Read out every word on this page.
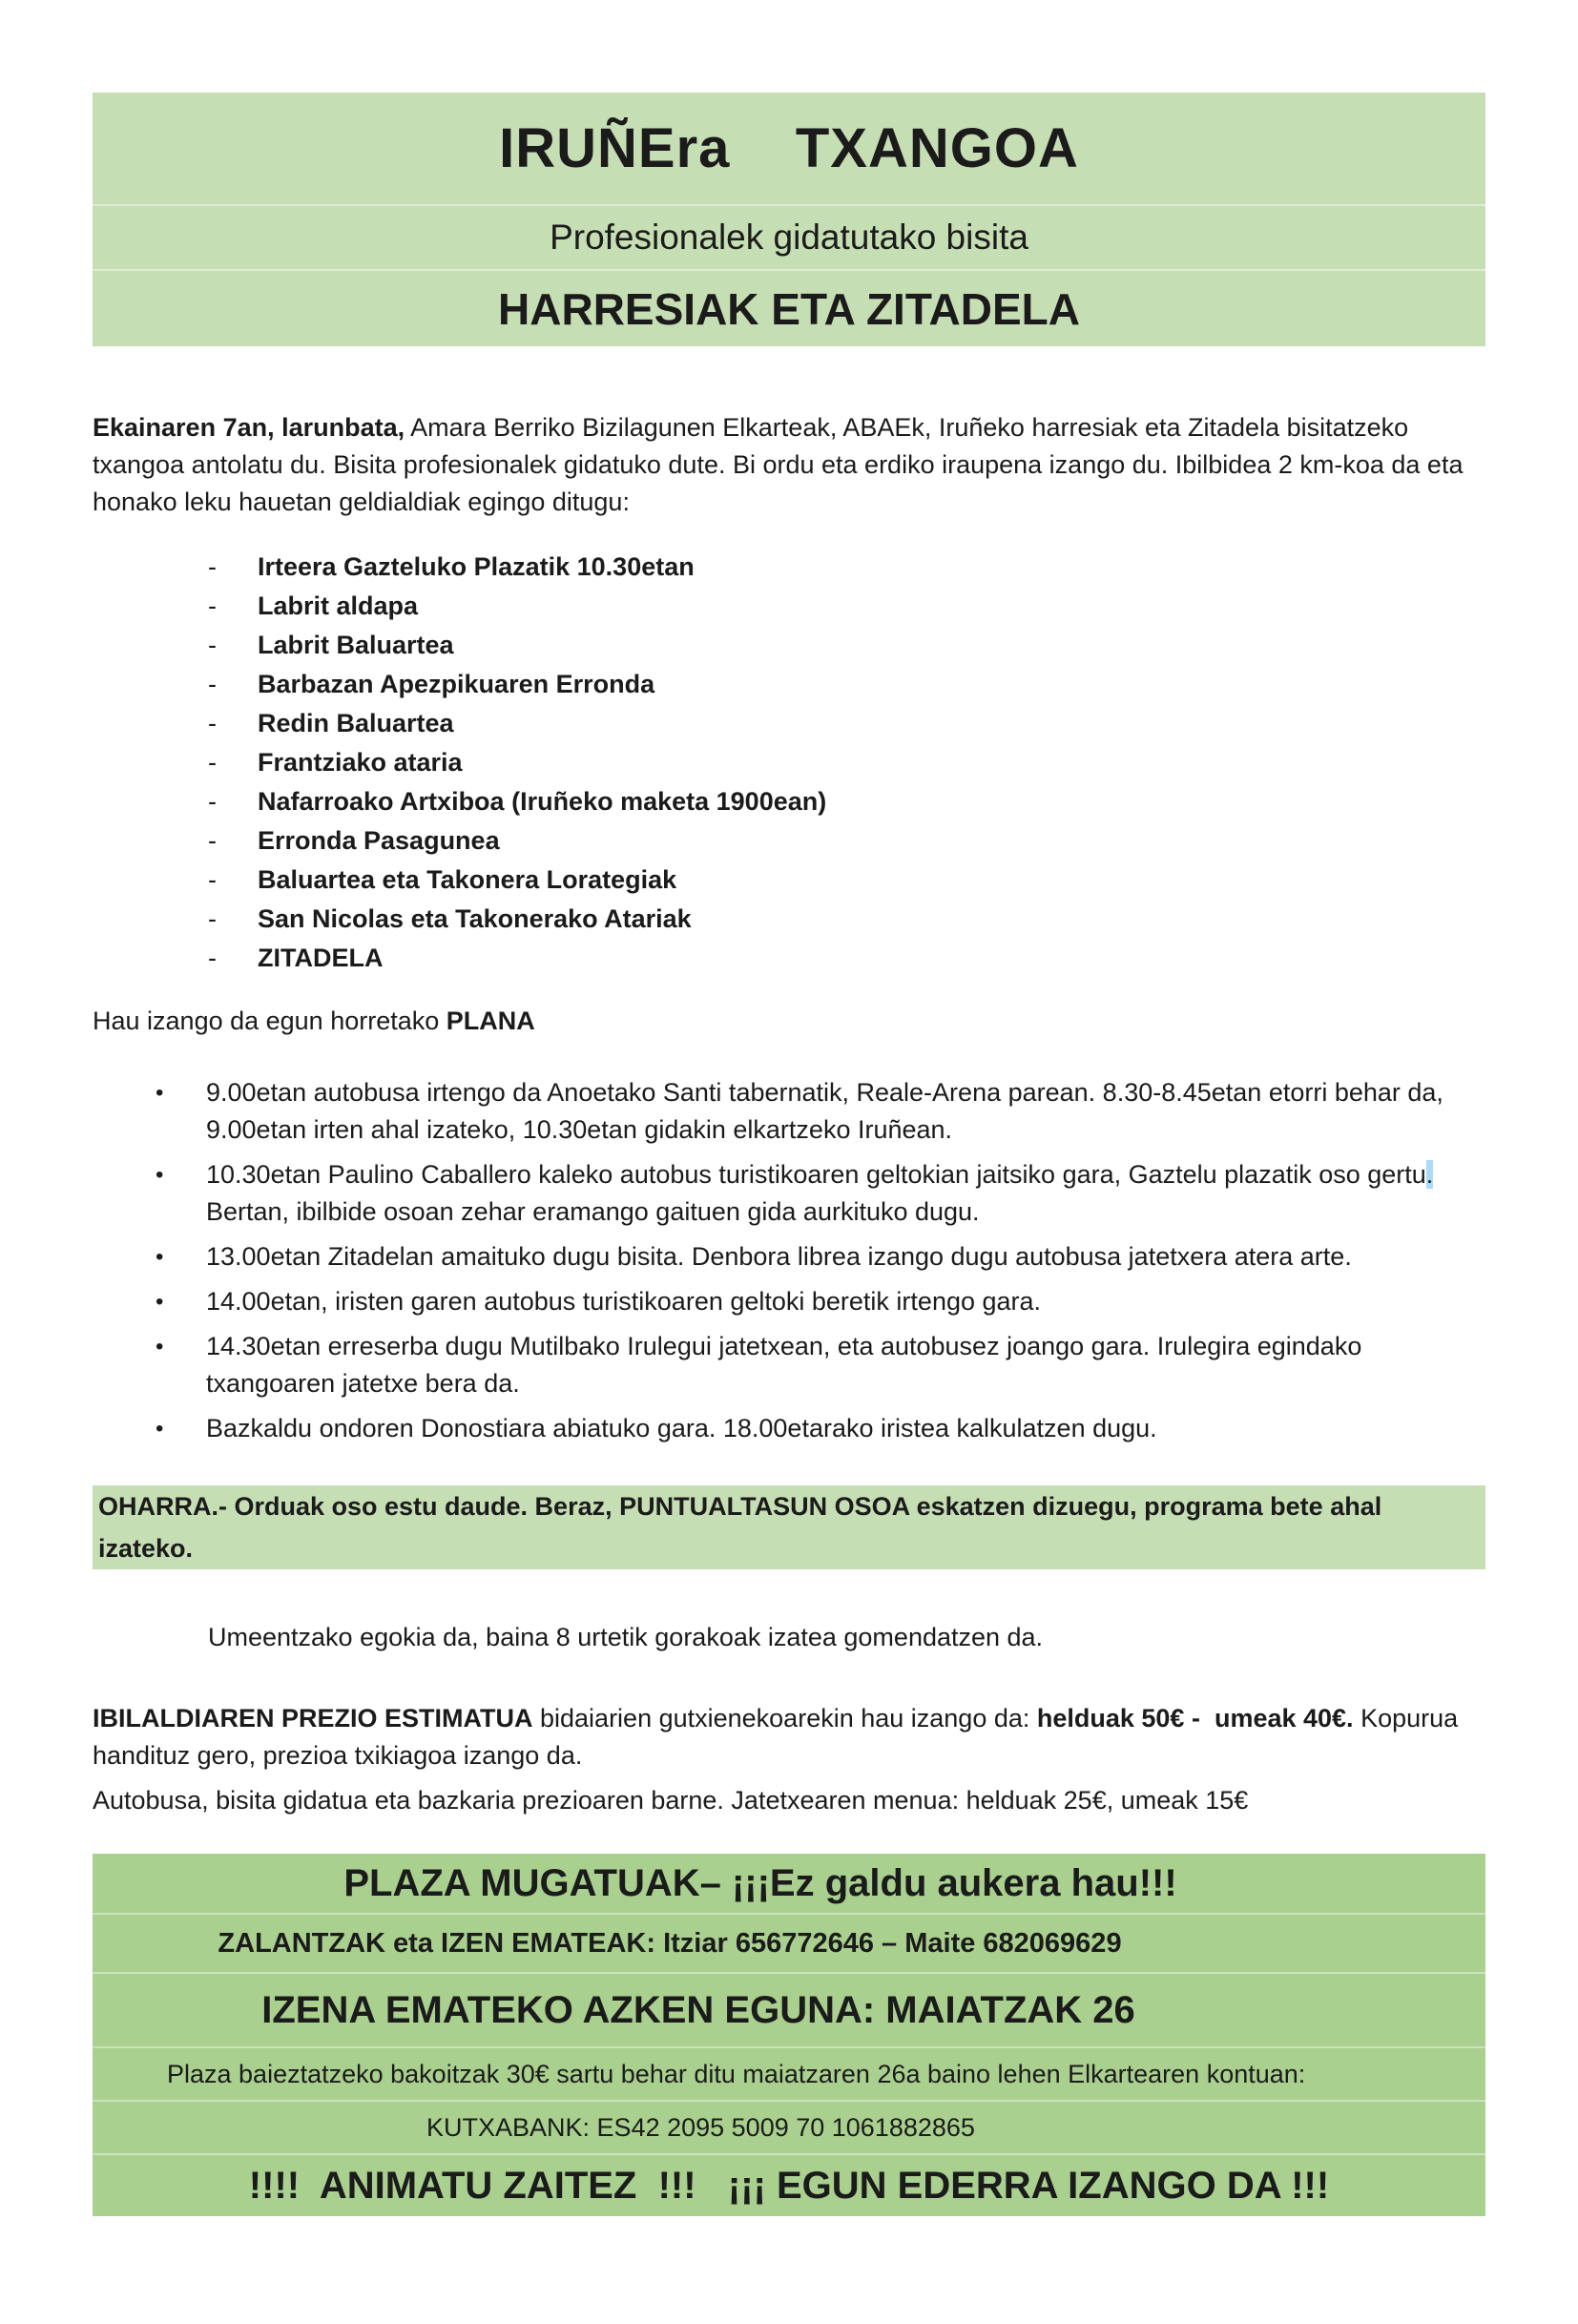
IRUÑEra    TXANGOA
Profesionalek gidatutako bisita
HARRESIAK ETA ZITADELA

Ekainaren 7an, larunbata, Amara Berriko Bizilagunen Elkarteak, ABAEk, Iruñeko harresiak eta Zitadela bisitatzeko txangoa antolatu du. Bisita profesionalek gidatuko dute. Bi ordu eta erdiko iraupena izango du. Ibilbidea 2 km-koa da eta honako leku hauetan geldialdiak egingo ditugu:

-	Irteera Gazteluko Plazatik 10.30etan
-	Labrit aldapa
-	Labrit Baluartea
-	Barbazan Apezpikuaren Erronda
-	Redin Baluartea
-	Frantziako ataria
-	Nafarroako Artxiboa (Iruñeko maketa 1900ean)
-	Erronda Pasagunea
-	Baluartea eta Takonera Lorategiak
-	San Nicolas eta Takonerako Atariak
-	ZITADELA

Hau izango da egun horretako PLANA

•	9.00etan autobusa irtengo da Anoetako Santi tabernatik, Reale-Arena parean. 8.30-8.45etan etorri behar da, 9.00etan irten ahal izateko, 10.30etan gidakin elkartzeko Iruñean.
•	10.30etan Paulino Caballero kaleko autobus turistikoaren geltokian jaitsiko gara, Gaztelu plazatik oso gertu. Bertan, ibilbide osoan zehar eramango gaituen gida aurkituko dugu.
•	13.00etan Zitadelan amaituko dugu bisita. Denbora librea izango dugu autobusa jatetxera atera arte.
•	14.00etan, iristen garen autobus turistikoaren geltoki beretik irtengo gara.
•	14.30etan erreserba dugu Mutilbako Irulegui jatetxean, eta autobusez joango gara. Irulegira egindako txangoaren jatetxe bera da.
•	Bazkaldu ondoren Donostiara abiatuko gara. 18.00etarako iristea kalkulatzen dugu.
OHARRA.- Orduak oso estu daude. Beraz, PUNTUALTASUN OSOA eskatzen dizuegu, programa bete ahal izateko.

Umeentzako egokia da, baina 8 urtetik gorakoak izatea gomendatzen da.

IBILALDIAREN PREZIO ESTIMATUA bidaiarien gutxienekoarekin hau izango da: helduak 50€ -  umeak 40€. Kopurua handituz gero, prezioa txikiagoa izango da.

Autobusa, bisita gidatua eta bazkaria prezioaren barne. Jatetxearen menua: helduak 25€, umeak 15€

PLAZA MUGATUAK– ¡¡¡Ez galdu aukera hau!!!
ZALANTZAK eta IZEN EMATEAK: Itziar 656772646 – Maite 682069629
IZENA EMATEKO AZKEN EGUNA: MAIATZAK 26
Plaza baieztatzeko bakoitzak 30€ sartu behar ditu maiatzaren 26a baino lehen Elkartearen kontuan:
KUTXABANK: ES42 2095 5009 70 1061882865
!!!!  ANIMATU ZAITEZ  !!!   ¡¡¡ EGUN EDERRA IZANGO DA !!!
